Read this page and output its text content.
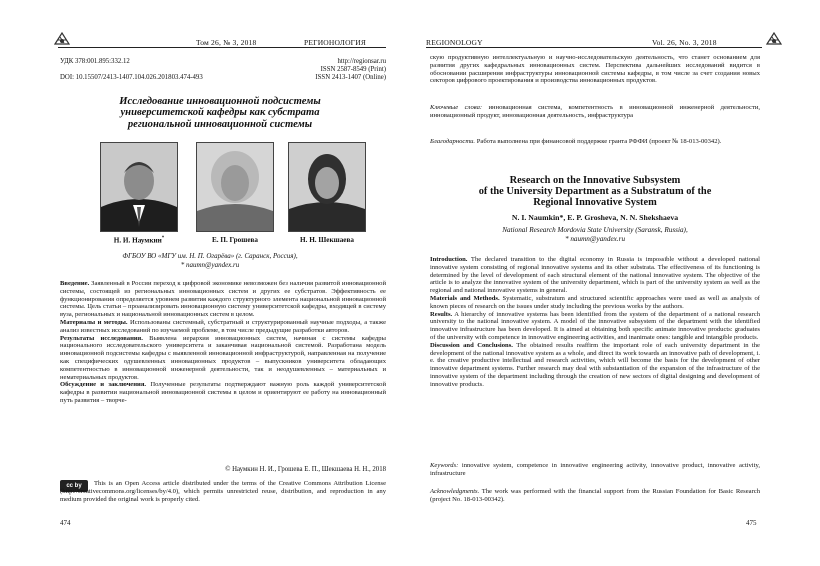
Том 26, № 3, 2018	РЕГИОНОЛОГИЯ
УДК 378:001.895:332.12
DOI: 10.15507/2413-1407.104.026.201803.474-493
http://regionsar.ru
ISSN 2587-8549 (Print)
ISSN 2413-1407 (Online)
Исследование инновационной подсистемы
университетской кафедры как субстрата
региональной инновационной системы
Н. И. Наумкин*	Е. П. Грошева	Н. Н. Шекшаева
ФГБОУ ВО «МГУ им. Н. П. Огарёва» (г. Саранск, Россия),
* naumn@yandex.ru
Введение. Заявленный в России переход к цифровой экономике невозможен без наличия развитой инновационной системы, состоящей из региональных инновационных систем и других ее субстратов. Эффективность ее функционирования определяется уровнем развития каждого структурного элемента национальной инновационной системы. Цель статьи – проанализировать инновационную систему университетской кафедры, входящей в систему вуза, региональных и национальной инновационных систем в целом.
Материалы и методы. Использованы системный, субстратный и структурированный научные подходы, а также анализ известных исследований по изучаемой проблеме, в том числе предыдущие разработки авторов.
Результаты исследования. Выявлена иерархия инновационных систем, начиная с системы кафедры национального исследовательского университета и заканчивая национальной системой. Разработана модель инновационной подсистемы кафедры с выявленной инновационной инфраструктурой, направленная на получение как специфических одушевленных инновационных продуктов – выпускников университета обладающих компетентностью в инновационной инженерной деятельности, так и неодушевленных – материальных и нематериальных продуктов.
Обсуждение и заключения. Полученные результаты подтверждают важную роль каждой университетской кафедры в развитии национальной инновационной системы в целом и ориентируют ее работу на инновационный путь развития – творче-
© Наумкин Н. И., Грошева Е. П., Шекшаева Н. Н., 2018
cc by	This is an Open Access article distributed under the terms of the Creative Commons Attribution License (http://creativecommons.org/licenses/by/4.0), which permits unrestricted reuse, distribution, and reproduction in any medium provided the original work is properly cited.
474
REGIONOLOGY	Vol. 26, No. 3, 2018
скую продуктивную интеллектуальную и научно-исследовательскую деятельность, что станет основанием для развития других кафедральных инновационных систем. Перспектива дальнейших исследований видится в обосновании расширения инфраструктуры инновационной системы кафедры, в том числе за счет создания новых секторов цифрового проектирования и производства инновационных продуктов.
Ключевые слова: инновационная система, компетентность в инновационной инженерной деятельности, инновационный продукт, инновационная деятельность, инфраструктура
Благодарности. Работа выполнена при финансовой поддержке гранта РФФИ (проект № 18-013-00342).
Research on the Innovative Subsystem
of the University Department as a Substratum of the
Regional Innovative System
N. I. Naumkin*, E. P. Grosheva, N. N. Shekshaeva
National Research Mordovia State University (Saransk, Russia),
* naumn@yandex.ru
Introduction. The declared transition to the digital economy in Russia is impossible without a developed national innovative system consisting of regional innovative systems and its other substrata. The effectiveness of its functioning is determined by the level of development of each structural element of the national innovative system. The objective of the article is to analyze the innovative system of the university department, which is part of the university system as well as the regional and national innovative systems in general.
Materials and Methods. Systematic, substratum and structured scientific approaches were used as well as analysis of known pieces of research on the issues under study including the previous works by the authors.
Results. A hierarchy of innovative systems has been identified from the system of the department of a national research university to the national innovative system. A model of the innovative subsystem of the department with the identified innovative infrastructure has been developed. It is aimed at obtaining both specific animate innovative products: graduates of the university with competence in innovative engineering activities, and inanimate ones: tangible and intangible products.
Discussion and Conclusions. The obtained results reaffirm the important role of each university department in the development of the national innovative system as a whole, and direct its work towards an innovative path of development, i. e. the creative productive intellectual and research activities, which will become the basis for the development of other innovative department systems. Further research may deal with substantiation of the expansion of the infrastructure of the innovative system of the department including through the creation of new sectors of digital designing and development of innovative products.
Keywords: innovative system, competence in innovative engineering activity, innovative product, innovative activity, infrastructure
Acknowledgments. The work was performed with the financial support from the Russian Foundation for Basic Research (project No. 18-013-00342).
475
